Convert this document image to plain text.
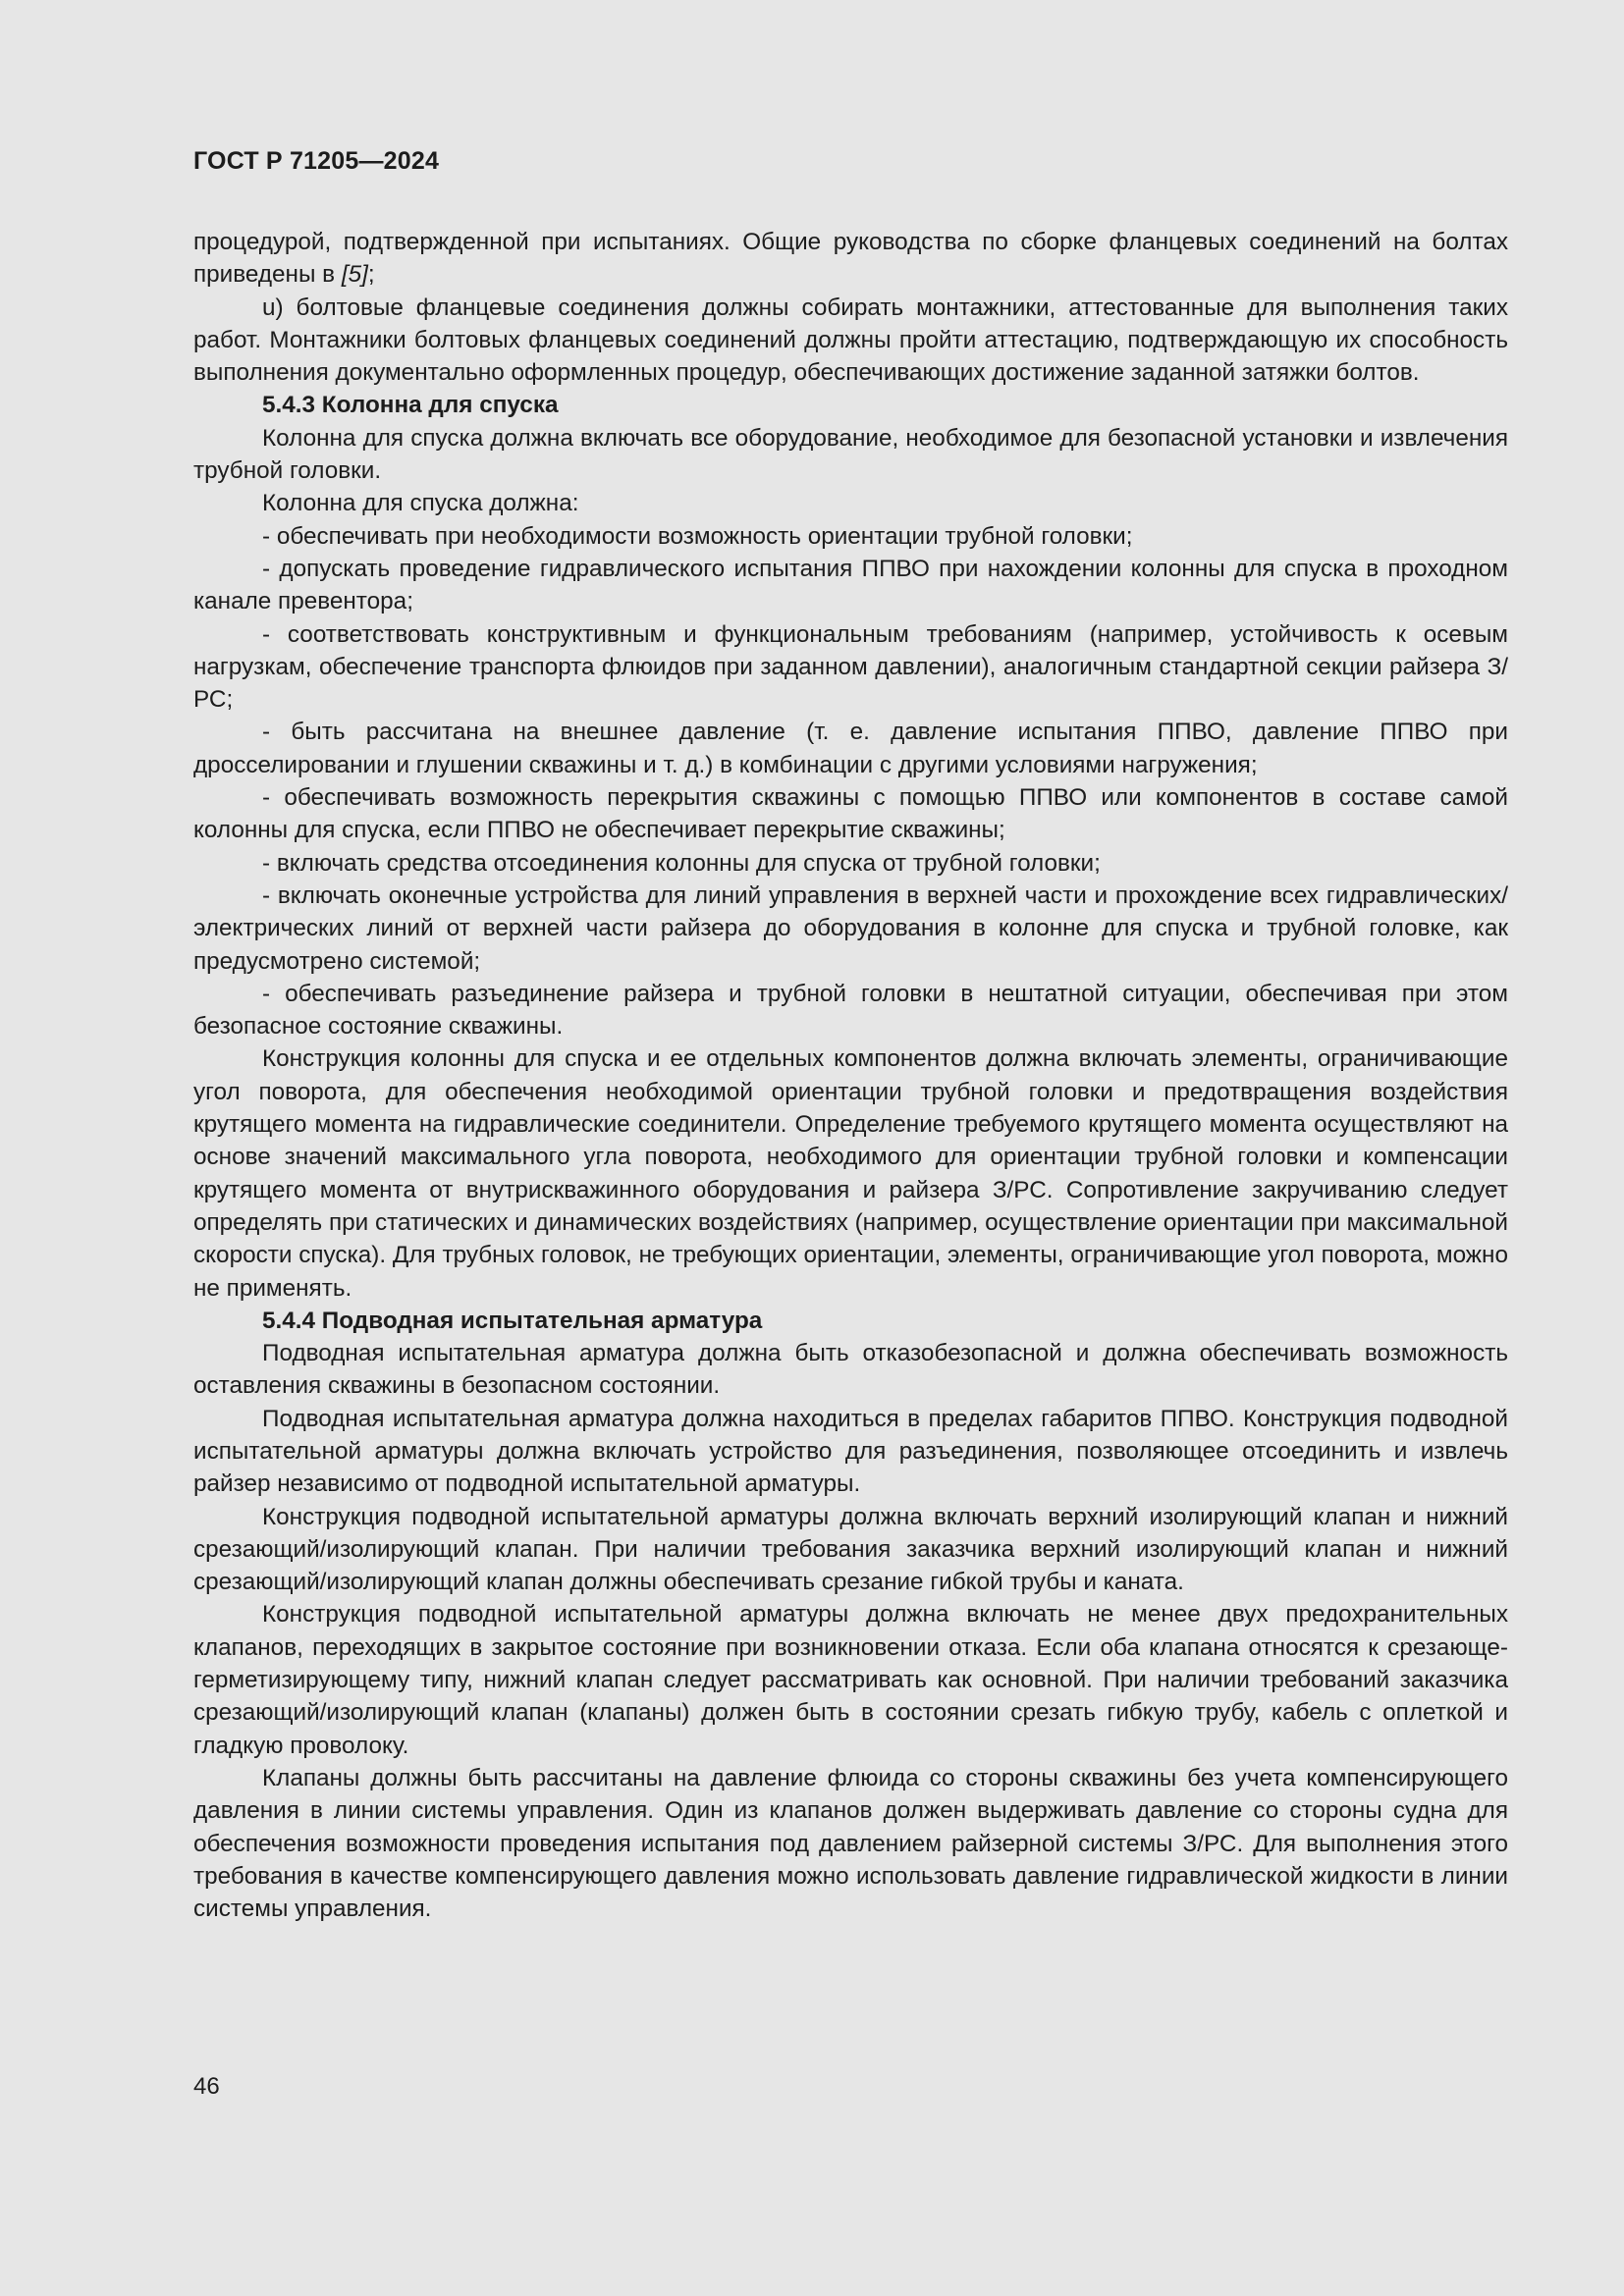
ГОСТ Р 71205—2024

процедурой, подтвержденной при испытаниях. Общие руководства по сборке фланцевых соединений на болтах приведены в [5];

u) болтовые фланцевые соединения должны собирать монтажники, аттестованные для выполнения таких работ. Монтажники болтовых фланцевых соединений должны пройти аттестацию, подтверждающую их способность выполнения документально оформленных процедур, обеспечивающих достижение заданной затяжки болтов.

5.4.3 Колонна для спуска

Колонна для спуска должна включать все оборудование, необходимое для безопасной установки и извлечения трубной головки.

Колонна для спуска должна:

- обеспечивать при необходимости возможность ориентации трубной головки;

- допускать проведение гидравлического испытания ППВО при нахождении колонны для спуска в проходном канале превентора;

- соответствовать конструктивным и функциональным требованиям (например, устойчивость к осевым нагрузкам, обеспечение транспорта флюидов при заданном давлении), аналогичным стандартной секции райзера З/РС;

- быть рассчитана на внешнее давление (т. е. давление испытания ППВО, давление ППВО при дросселировании и глушении скважины и т. д.) в комбинации с другими условиями нагружения;

- обеспечивать возможность перекрытия скважины с помощью ППВО или компонентов в составе самой колонны для спуска, если ППВО не обеспечивает перекрытие скважины;

- включать средства отсоединения колонны для спуска от трубной головки;

- включать оконечные устройства для линий управления в верхней части и прохождение всех гидравлических/электрических линий от верхней части райзера до оборудования в колонне для спуска и трубной головке, как предусмотрено системой;

- обеспечивать разъединение райзера и трубной головки в нештатной ситуации, обеспечивая при этом безопасное состояние скважины.

Конструкция колонны для спуска и ее отдельных компонентов должна включать элементы, ограничивающие угол поворота, для обеспечения необходимой ориентации трубной головки и предотвращения воздействия крутящего момента на гидравлические соединители. Определение требуемого крутящего момента осуществляют на основе значений максимального угла поворота, необходимого для ориентации трубной головки и компенсации крутящего момента от внутрискважинного оборудования и райзера З/РС. Сопротивление закручиванию следует определять при статических и динамических воздействиях (например, осуществление ориентации при максимальной скорости спуска). Для трубных головок, не требующих ориентации, элементы, ограничивающие угол поворота, можно не применять.

5.4.4 Подводная испытательная арматура

Подводная испытательная арматура должна быть отказобезопасной и должна обеспечивать возможность оставления скважины в безопасном состоянии.

Подводная испытательная арматура должна находиться в пределах габаритов ППВО. Конструкция подводной испытательной арматуры должна включать устройство для разъединения, позволяющее отсоединить и извлечь райзер независимо от подводной испытательной арматуры.

Конструкция подводной испытательной арматуры должна включать верхний изолирующий клапан и нижний срезающий/изолирующий клапан. При наличии требования заказчика верхний изолирующий клапан и нижний срезающий/изолирующий клапан должны обеспечивать срезание гибкой трубы и каната.

Конструкция подводной испытательной арматуры должна включать не менее двух предохранительных клапанов, переходящих в закрытое состояние при возникновении отказа. Если оба клапана относятся к срезающе-герметизирующему типу, нижний клапан следует рассматривать как основной. При наличии требований заказчика срезающий/изолирующий клапан (клапаны) должен быть в состоянии срезать гибкую трубу, кабель с оплеткой и гладкую проволоку.

Клапаны должны быть рассчитаны на давление флюида со стороны скважины без учета компенсирующего давления в линии системы управления. Один из клапанов должен выдерживать давление со стороны судна для обеспечения возможности проведения испытания под давлением райзерной системы З/РС. Для выполнения этого требования в качестве компенсирующего давления можно использовать давление гидравлической жидкости в линии системы управления.

46
